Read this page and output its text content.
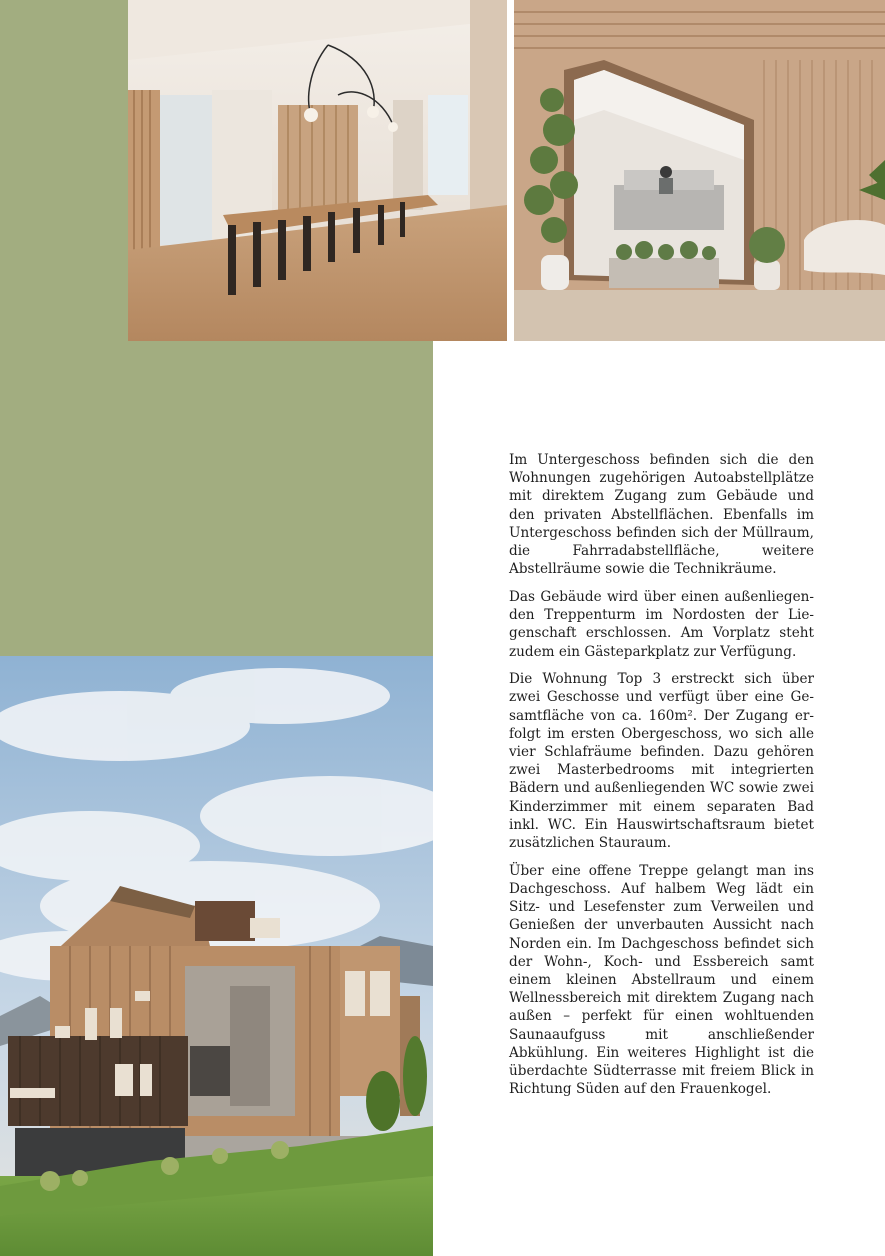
Im Untergeschoss befinden sich die den Wohnungen zugehörigen Autoabstellplätze mit direktem Zugang zum Gebäude und den privaten Abstellflächen. Ebenfalls im Untergeschoss befinden sich der Müllraum, die Fahrradabstellfläche, weitere Abstellräume sowie die Technikräume.

Das Gebäude wird über einen außenliegenden Treppenturm im Nordosten der Liegenschaft erschlossen. Am Vorplatz steht zudem ein Gästeparkplatz zur Verfügung.

Die Wohnung Top 3 erstreckt sich über zwei Geschosse und verfügt über eine Gesamtfläche von ca. 160m². Der Zugang erfolgt im ersten Obergeschoss, wo sich alle vier Schlafräume befinden. Dazu gehören zwei Masterbedrooms mit integrierten Bädern und außenliegenden WC sowie zwei Kinderzimmer mit einem separaten Bad inkl. WC. Ein Hauswirtschaftsraum bietet zusätzlichen Stauraum.

Über eine offene Treppe gelangt man ins Dachgeschoss. Auf halbem Weg lädt ein Sitz- und Lesefenster zum Verweilen und Genießen der unverbauten Aussicht nach Norden ein. Im Dachgeschoss befindet sich der Wohn-, Koch- und Essbereich samt einem kleinen Abstellraum und einem Wellnessbereich mit direktem Zugang nach außen – perfekt für einen wohltuenden Saunaaufguss mit anschließender Abkühlung. Ein weiteres Highlight ist die überdachte Südterrasse mit freiem Blick in Richtung Süden auf den Frauenkogel.
